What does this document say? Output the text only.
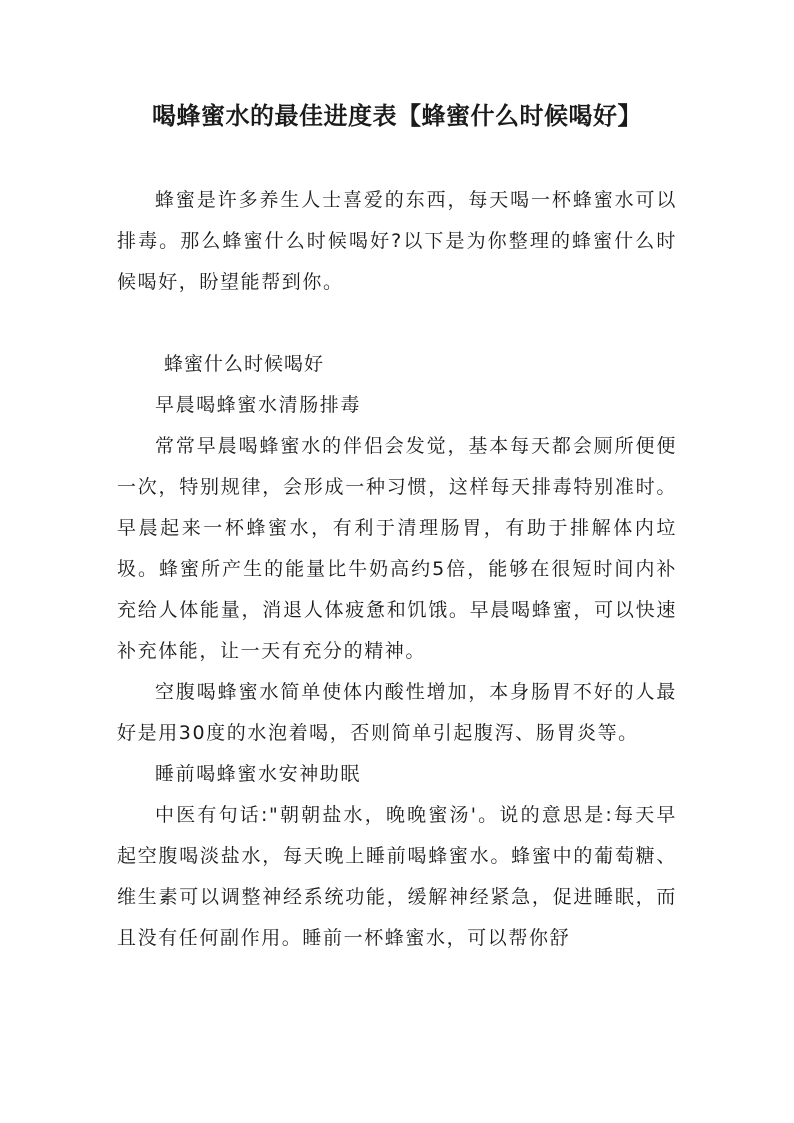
喝蜂蜜水的最佳进度表【蜂蜜什么时候喝好】

蜂蜜是许多养生人士喜爱的东西，每天喝一杯蜂蜜水可以排毒。那么蜂蜜什么时候喝好?以下是为你整理的蜂蜜什么时候喝好，盼望能帮到你。

蜂蜜什么时候喝好

早晨喝蜂蜜水清肠排毒

常常早晨喝蜂蜜水的伴侣会发觉，基本每天都会厕所便便一次，特别规律，会形成一种习惯，这样每天排毒特别准时。早晨起来一杯蜂蜜水，有利于清理肠胃，有助于排解体内垃圾。蜂蜜所产生的能量比牛奶高约5倍，能够在很短时间内补充给人体能量，消退人体疲惫和饥饿。早晨喝蜂蜜，可以快速补充体能，让一天有充分的精神。

空腹喝蜂蜜水简单使体内酸性增加，本身肠胃不好的人最好是用30度的水泡着喝，否则简单引起腹泻、肠胃炎等。

睡前喝蜂蜜水安神助眠

中医有句话:"朝朝盐水，晚晚蜜汤'。说的意思是:每天早起空腹喝淡盐水，每天晚上睡前喝蜂蜜水。蜂蜜中的葡萄糖、维生素可以调整神经系统功能，缓解神经紧急，促进睡眠，而且没有任何副作用。睡前一杯蜂蜜水，可以帮你舒
